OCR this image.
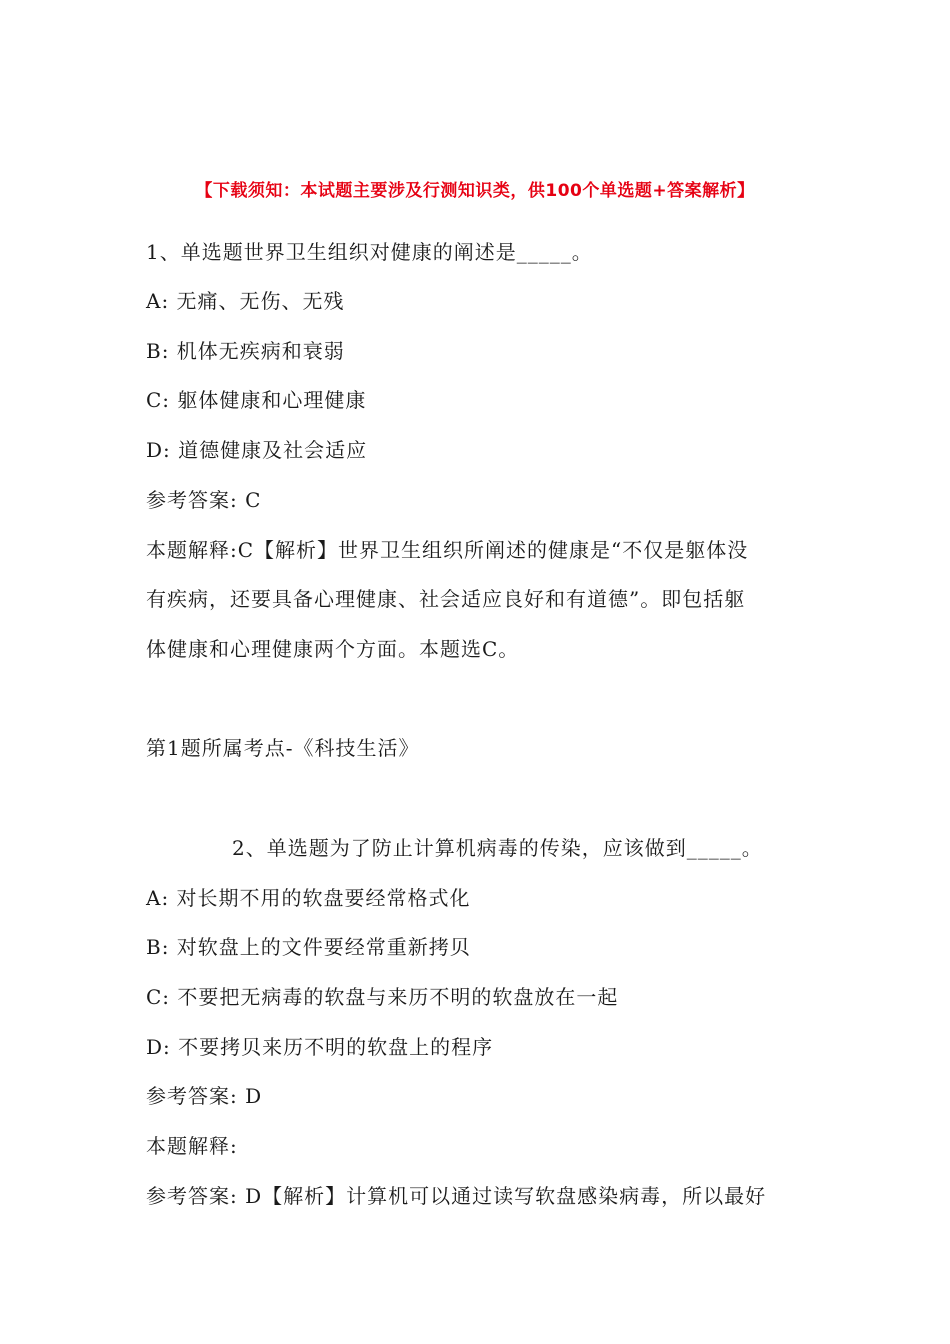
【下载须知：本试题主要涉及行测知识类，供100个单选题+答案解析】
1、单选题世界卫生组织对健康的阐述是_____。
A: 无痛、无伤、无残
B: 机体无疾病和衰弱
C: 躯体健康和心理健康
D: 道德健康及社会适应
参考答案: C
本题解释:C【解析】世界卫生组织所阐述的健康是“不仅是躯体没
有疾病，还要具备心理健康、社会适应良好和有道德”。即包括躯
体健康和心理健康两个方面。本题选C。
第1题所属考点-《科技生活》
2、单选题为了防止计算机病毒的传染，应该做到_____。
A: 对长期不用的软盘要经常格式化
B: 对软盘上的文件要经常重新拷贝
C: 不要把无病毒的软盘与来历不明的软盘放在一起
D: 不要拷贝来历不明的软盘上的程序
参考答案: D
本题解释:
参考答案: D【解析】计算机可以通过读写软盘感染病毒，所以最好
